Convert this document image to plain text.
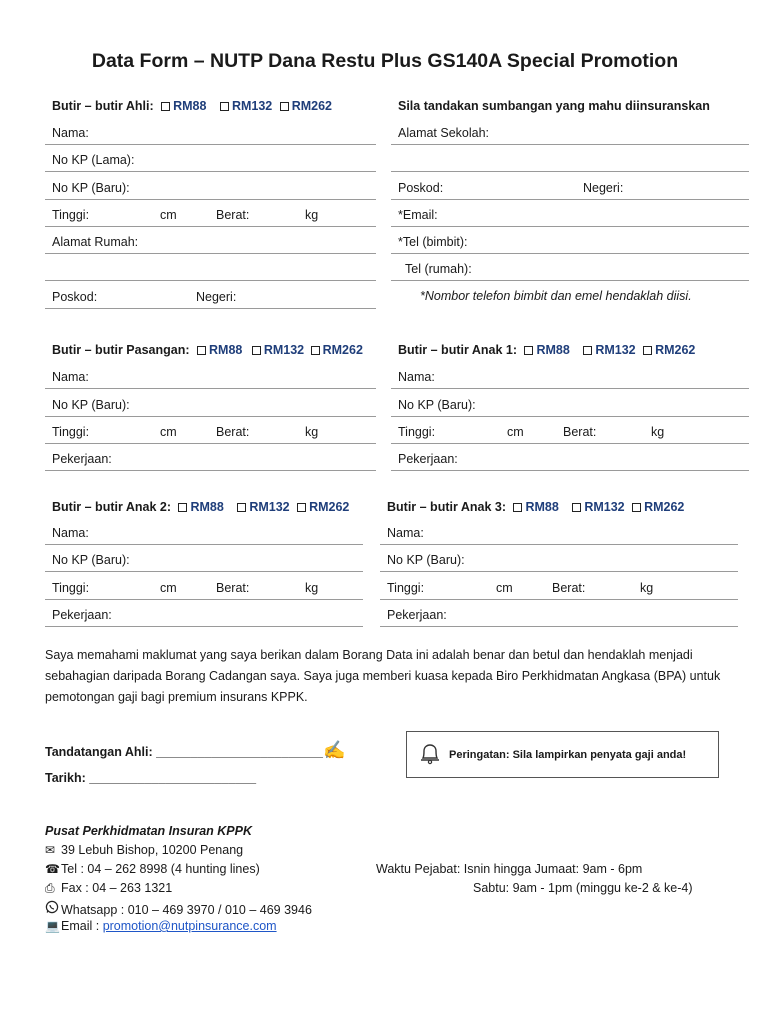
Data Form – NUTP Dana Restu Plus GS140A Special Promotion
Butir – butir Ahli: RM88 RM132 RM262	Sila tandakan sumbangan yang mahu diinsuranskan
Nama:
No KP (Lama):
No KP (Baru):
Tinggi:	cm	Berat:	kg
Alamat Rumah:
Poskod:	Negeri:
Alamat Sekolah:
Poskod:	Negeri:
*Email:
*Tel (bimbit):
Tel (rumah):
*Nombor telefon bimbit dan emel hendaklah diisi.
Butir – butir Pasangan: RM88 RM132 RM262
Nama:
No KP (Baru):
Tinggi:	cm	Berat:	kg
Pekerjaan:
Butir – butir Anak 1: RM88 RM132 RM262
Nama:
No KP (Baru):
Tinggi:	cm	Berat:	kg
Pekerjaan:
Butir – butir Anak 2: RM88 RM132 RM262
Nama:
No KP (Baru):
Tinggi:	cm	Berat:	kg
Pekerjaan:
Butir – butir Anak 3: RM88 RM132 RM262
Nama:
No KP (Baru):
Tinggi:	cm	Berat:	kg
Pekerjaan:
Saya memahami maklumat yang saya berikan dalam Borang Data ini adalah benar dan betul dan hendaklah menjadi sebahagian daripada Borang Cadangan saya. Saya juga memberi kuasa kepada Biro Perkhidmatan Angkasa (BPA) untuk pemotongan gaji bagi premium insurans KPPK.
Tandatangan Ahli: ________________________✍
Tarikh: ________________________
Peringatan: Sila lampirkan penyata gaji anda!
Pusat Perkhidmatan Insuran KPPK
✉ 39 Lebuh Bishop, 10200 Penang
☎Tel : 04 – 262 8998 (4 hunting lines)
⎙ Fax : 04 – 263 1321
Whatsapp : 010 – 469 3970 / 010 – 469 3946
💻Email : promotion@nutpinsurance.com
Waktu Pejabat: Isnin hingga Jumaat: 9am - 6pm
Sabtu: 9am - 1pm (minggu ke-2 & ke-4)
